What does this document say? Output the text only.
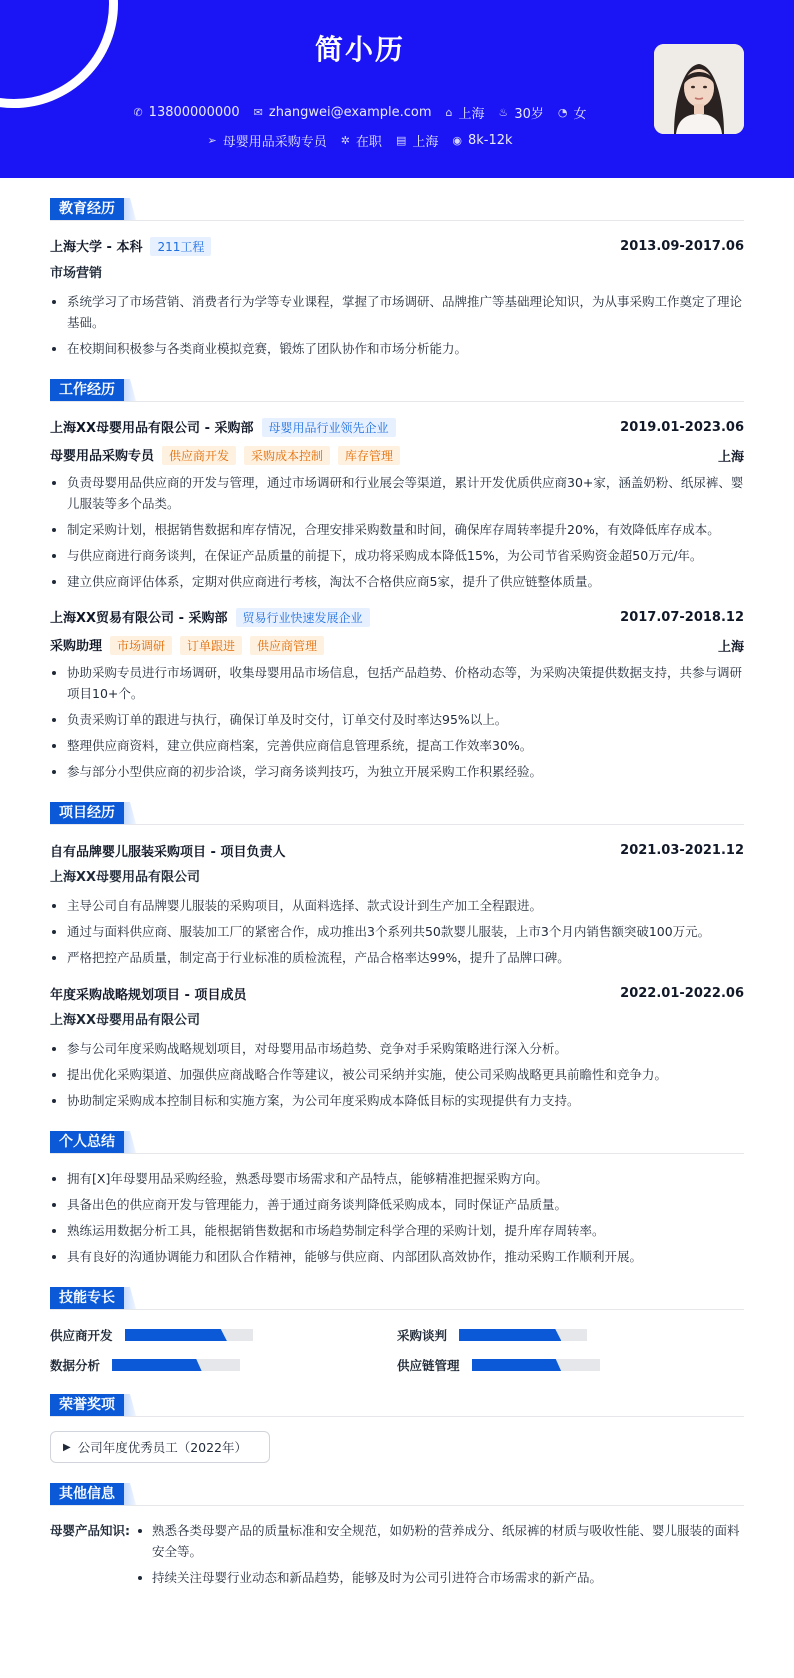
简小历
✆ 13800000000 ✉ zhangwei@example.com ⌂ 上海 ♨ 30岁 ◔ 女
➢ 母婴用品采购专员 ✲ 在职 ▤ 上海 ◉ 8k-12k
教育经历
上海大学 - 本科 211工程	2013.09-2017.06
市场营销
系统学习了市场营销、消费者行为学等专业课程，掌握了市场调研、品牌推广等基础理论知识，为从事采购工作奠定了理论基础。
在校期间积极参与各类商业模拟竞赛，锻炼了团队协作和市场分析能力。
工作经历
上海XX母婴用品有限公司 - 采购部 母婴用品行业领先企业	2019.01-2023.06
母婴用品采购专员 供应商开发 采购成本控制 库存管理	上海
负责母婴用品供应商的开发与管理，通过市场调研和行业展会等渠道，累计开发优质供应商30+家，涵盖奶粉、纸尿裤、婴儿服装等多个品类。
制定采购计划，根据销售数据和库存情况，合理安排采购数量和时间，确保库存周转率提升20%，有效降低库存成本。
与供应商进行商务谈判，在保证产品质量的前提下，成功将采购成本降低15%，为公司节省采购资金超50万元/年。
建立供应商评估体系，定期对供应商进行考核，淘汰不合格供应商5家，提升了供应链整体质量。
上海XX贸易有限公司 - 采购部 贸易行业快速发展企业	2017.07-2018.12
采购助理 市场调研 订单跟进 供应商管理	上海
协助采购专员进行市场调研，收集母婴用品市场信息，包括产品趋势、价格动态等，为采购决策提供数据支持，共参与调研项目10+个。
负责采购订单的跟进与执行，确保订单及时交付，订单交付及时率达95%以上。
整理供应商资料，建立供应商档案，完善供应商信息管理系统，提高工作效率30%。
参与部分小型供应商的初步洽谈，学习商务谈判技巧，为独立开展采购工作积累经验。
项目经历
自有品牌婴儿服装采购项目 - 项目负责人	2021.03-2021.12
上海XX母婴用品有限公司
主导公司自有品牌婴儿服装的采购项目，从面料选择、款式设计到生产加工全程跟进。
通过与面料供应商、服装加工厂的紧密合作，成功推出3个系列共50款婴儿服装，上市3个月内销售额突破100万元。
严格把控产品质量，制定高于行业标准的质检流程，产品合格率达99%，提升了品牌口碑。
年度采购战略规划项目 - 项目成员	2022.01-2022.06
上海XX母婴用品有限公司
参与公司年度采购战略规划项目，对母婴用品市场趋势、竞争对手采购策略进行深入分析。
提出优化采购渠道、加强供应商战略合作等建议，被公司采纳并实施，使公司采购战略更具前瞻性和竞争力。
协助制定采购成本控制目标和实施方案，为公司年度采购成本降低目标的实现提供有力支持。
个人总结
拥有[X]年母婴用品采购经验，熟悉母婴市场需求和产品特点，能够精准把握采购方向。
具备出色的供应商开发与管理能力，善于通过商务谈判降低采购成本，同时保证产品质量。
熟练运用数据分析工具，能根据销售数据和市场趋势制定科学合理的采购计划，提升库存周转率。
具有良好的沟通协调能力和团队合作精神，能够与供应商、内部团队高效协作，推动采购工作顺利开展。
技能专长
供应商开发	采购谈判
数据分析	供应链管理
荣誉奖项
▶ 公司年度优秀员工（2022年）
其他信息
母婴产品知识:	熟悉各类母婴产品的质量标准和安全规范，如奶粉的营养成分、纸尿裤的材质与吸收性能、婴儿服装的面料安全等。
持续关注母婴行业动态和新品趋势，能够及时为公司引进符合市场需求的新产品。
